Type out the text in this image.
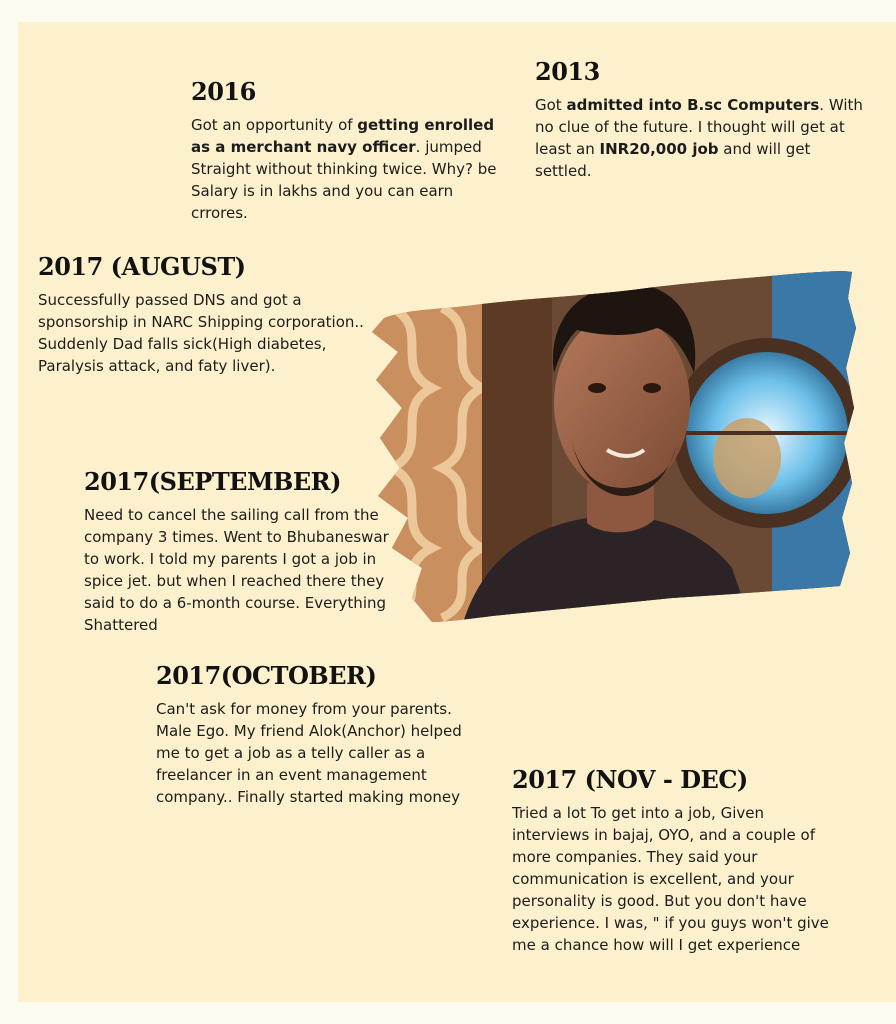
2013

Got admitted into B.sc Computers. With no clue of the future. I thought will get at least an INR20,000 job and will get settled.

2016

Got an opportunity of getting enrolled as a merchant navy officer. jumped Straight without thinking twice. Why? be Salary is in lakhs and you can earn crrores.

2017 (AUGUST)

Successfully passed DNS and got a sponsorship in NARC Shipping corporation.. Suddenly Dad falls sick(High diabetes, Paralysis attack, and faty liver).

2017(SEPTEMBER)

Need to cancel the sailing call from the company 3 times. Went to Bhubaneswar to work. I told my parents I got a job in spice jet. but when I reached there they said to do a 6-month course. Everything Shattered

2017(OCTOBER)

Can't ask for money from your parents. Male Ego. My friend Alok(Anchor) helped me to get a job as a telly caller as a freelancer in an event management company.. Finally started making money

2017 (NOV - DEC)

Tried a lot To get into a job, Given interviews in bajaj, OYO, and a couple of more companies. They said your communication is excellent, and your personality is good. But you don't have experience. I was, " if you guys won't give me a chance how will I get experience
